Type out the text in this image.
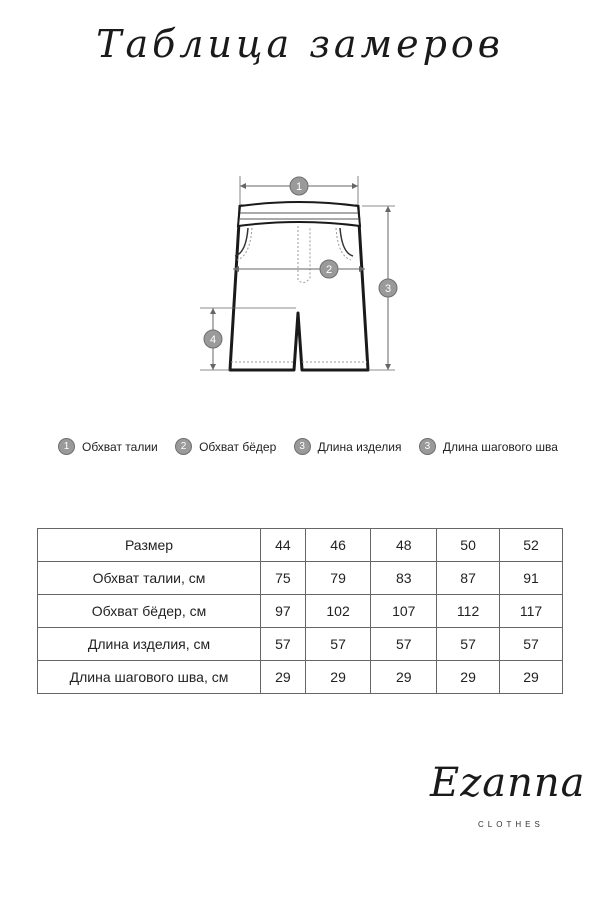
Таблица замеров
1
2
3
4
1	Обхват талии	2	Обхват бёдер	3	Длина изделия	3	Длина шагового шва
Размер	44	46	48	50	52
Обхват талии, см	75	79	83	87	91
Обхват бёдер, см	97	102	107	112	117
Длина изделия, см	57	57	57	57	57
Длина шагового шва, см	29	29	29	29	29
Ezanna
CLOTHES
